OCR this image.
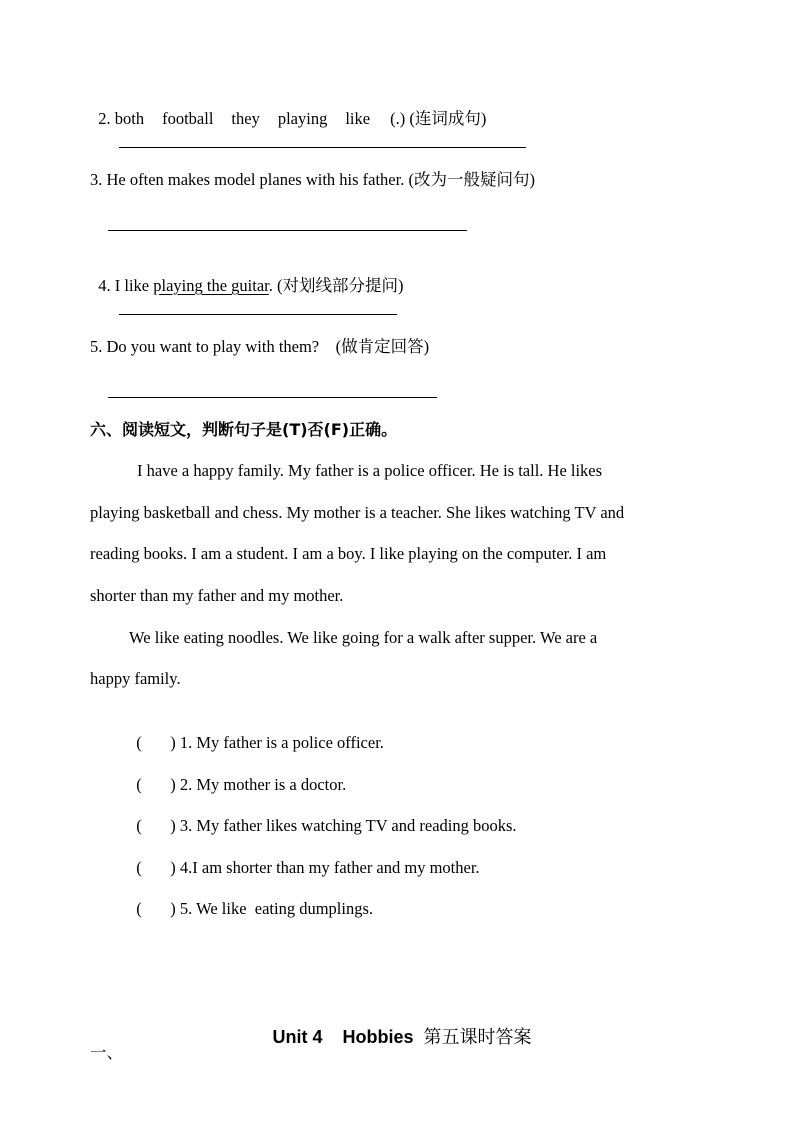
2. both football they playing like (.) (连词成句)

3. He often makes model planes with his father. (改为一般疑问句)

4. I like playing the guitar. (对划线部分提问)

5. Do you want to play with them?    (做肯定回答)
六、阅读短文，判断句子是(T)否(F)正确。
I have a happy family. My father is a police officer. He is tall. He likes
playing basketball and chess. My mother is a teacher. She likes watching TV and
reading books. I am a student. I am a boy. I like playing on the computer. I am
shorter than my father and my mother.
We like eating noodles. We like going for a walk after supper. We are a
happy family.

( ) 1. My father is a police officer.

( ) 2. My mother is a doctor.

( ) 3. My father likes watching TV and reading books.

( ) 4.I am shorter than my father and my mother.

( ) 5. We like  eating dumplings.

Unit 4    Hobbies  第五课时答案

一、
